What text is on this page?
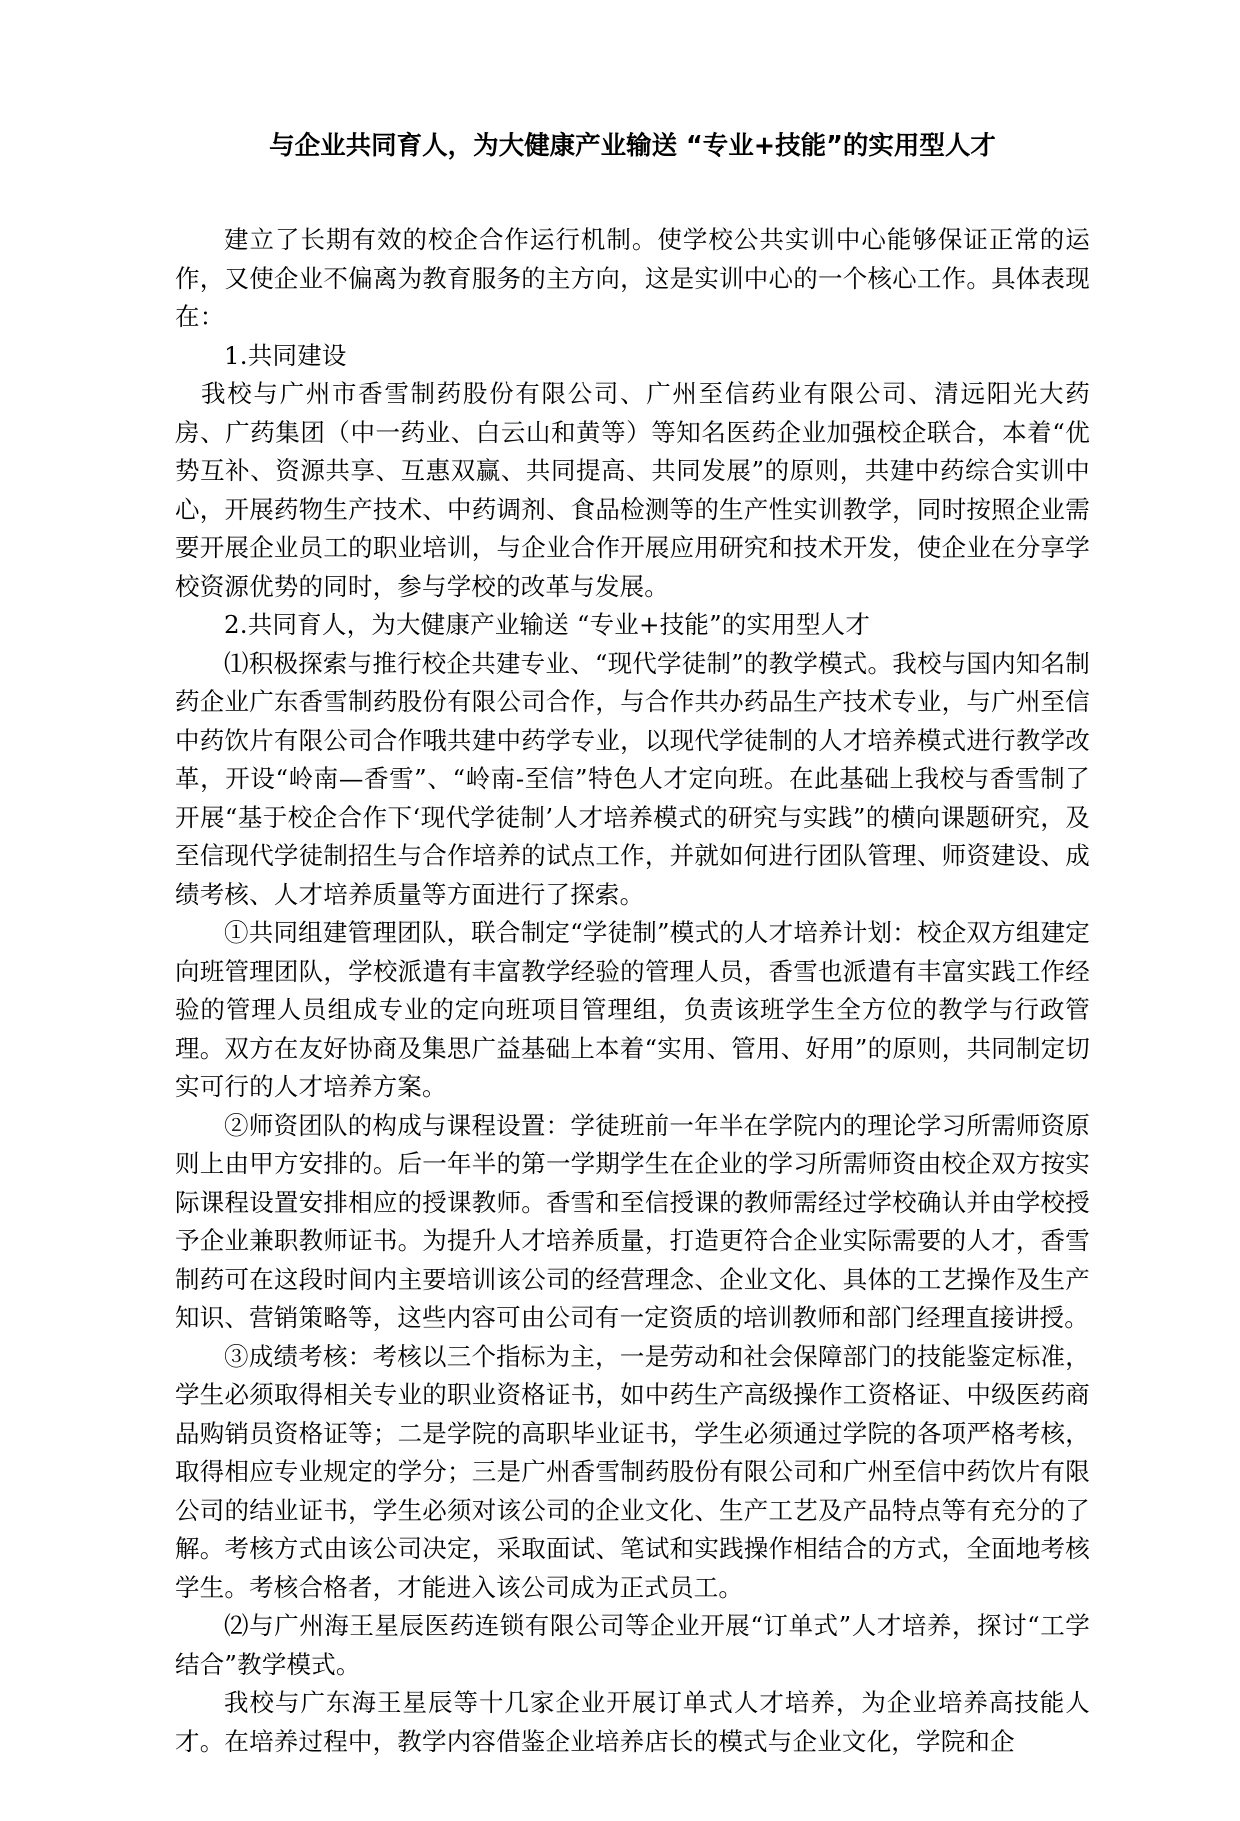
与企业共同育人，为大健康产业输送 “专业+技能”的实用型人才

建立了长期有效的校企合作运行机制。使学校公共实训中心能够保证正常的运作，又使企业不偏离为教育服务的主方向，这是实训中心的一个核心工作。具体表现在：

1.共同建设

我校与广州市香雪制药股份有限公司、广州至信药业有限公司、清远阳光大药房、广药集团（中一药业、白云山和黄等）等知名医药企业加强校企联合，本着“优势互补、资源共享、互惠双赢、共同提高、共同发展”的原则，共建中药综合实训中心，开展药物生产技术、中药调剂、食品检测等的生产性实训教学，同时按照企业需要开展企业员工的职业培训，与企业合作开展应用研究和技术开发，使企业在分享学校资源优势的同时，参与学校的改革与发展。

2.共同育人，为大健康产业输送 “专业+技能”的实用型人才

⑴积极探索与推行校企共建专业、“现代学徒制”的教学模式。我校与国内知名制药企业广东香雪制药股份有限公司合作，与合作共办药品生产技术专业，与广州至信中药饮片有限公司合作哦共建中药学专业，以现代学徒制的人才培养模式进行教学改革，开设“岭南—香雪”、“岭南-至信”特色人才定向班。在此基础上我校与香雪制了开展“基于校企合作下‘现代学徒制’人才培养模式的研究与实践”的横向课题研究，及至信现代学徒制招生与合作培养的试点工作，并就如何进行团队管理、师资建设、成绩考核、人才培养质量等方面进行了探索。

①共同组建管理团队，联合制定“学徒制”模式的人才培养计划：校企双方组建定向班管理团队，学校派遣有丰富教学经验的管理人员，香雪也派遣有丰富实践工作经验的管理人员组成专业的定向班项目管理组，负责该班学生全方位的教学与行政管理。双方在友好协商及集思广益基础上本着“实用、管用、好用”的原则，共同制定切实可行的人才培养方案。

②师资团队的构成与课程设置：学徒班前一年半在学院内的理论学习所需师资原则上由甲方安排的。后一年半的第一学期学生在企业的学习所需师资由校企双方按实际课程设置安排相应的授课教师。香雪和至信授课的教师需经过学校确认并由学校授予企业兼职教师证书。为提升人才培养质量，打造更符合企业实际需要的人才，香雪制药可在这段时间内主要培训该公司的经营理念、企业文化、具体的工艺操作及生产知识、营销策略等，这些内容可由公司有一定资质的培训教师和部门经理直接讲授。

③成绩考核：考核以三个指标为主，一是劳动和社会保障部门的技能鉴定标准，学生必须取得相关专业的职业资格证书，如中药生产高级操作工资格证、中级医药商品购销员资格证等；二是学院的高职毕业证书，学生必须通过学院的各项严格考核，取得相应专业规定的学分；三是广州香雪制药股份有限公司和广州至信中药饮片有限公司的结业证书，学生必须对该公司的企业文化、生产工艺及产品特点等有充分的了解。考核方式由该公司决定，采取面试、笔试和实践操作相结合的方式，全面地考核学生。考核合格者，才能进入该公司成为正式员工。

⑵与广州海王星辰医药连锁有限公司等企业开展“订单式”人才培养，探讨“工学结合”教学模式。

我校与广东海王星辰等十几家企业开展订单式人才培养，为企业培养高技能人才。在培养过程中，教学内容借鉴企业培养店长的模式与企业文化，学院和企
